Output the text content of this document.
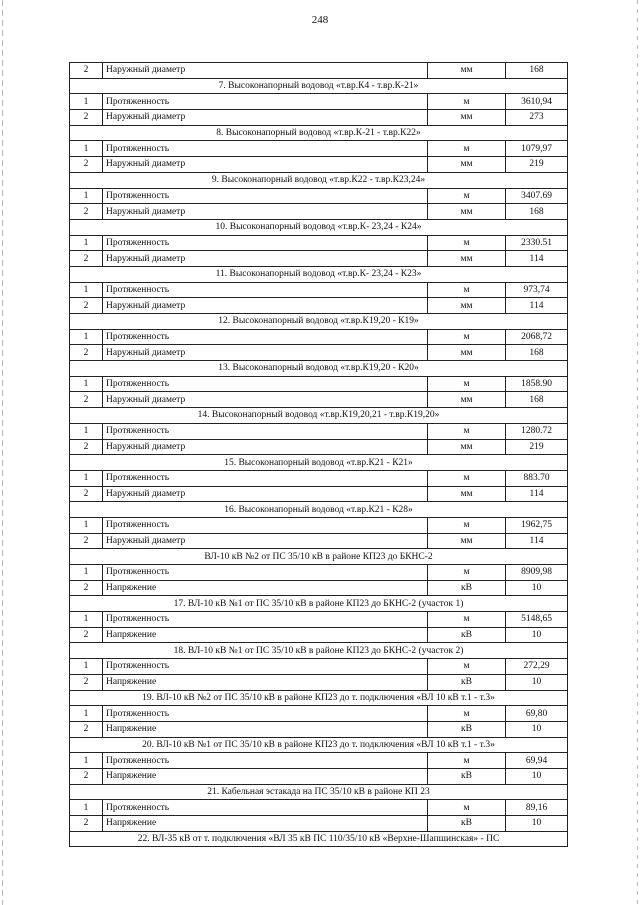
248
2	Наружный диаметр	мм	168
7. Высоконапорный водовод «т.вр.К4 - т.вр.К-21»			
1	Протяженность	м	3610,94
2	Наружный диаметр	мм	273
8. Высоконапорный водовод «т.вр.К-21 - т.вр.К22»			
1	Протяженность	м	1079,97
2	Наружный диаметр	мм	219
9. Высоконапорный водовод «т.вр.К22 - т.вр.К23,24»			
1	Протяженность	м	3407.69
2	Наружный диаметр	мм	168
10. Высоконапорный водовод «т.вр.К- 23,24 - К24»			
1	Протяженность	м	2330.51
2	Наружный диаметр	мм	114
11. Высоконапорный водовод «т.вр.К- 23,24 - К23»			
1	Протяженность	м	973,74
2	Наружный диаметр	мм	114
12. Высоконапорный водовод «т.вр.К19,20 - К19»			
1	Протяженность	м	2068,72
2	Наружный диаметр	мм	168
13. Высоконапорный водовод «т.вр.К19,20 - К20»			
1	Протяженность	м	1858.90
2	Наружный диаметр	мм	168
14. Высоконапорный водовод «т.вр.К19,20,21 - т.вр.К19,20»			
1	Протяженность	м	1280.72
2	Наружный диаметр	мм	219
15. Высоконапорный водовод «т.вр.К21 - К21»			
1	Протяженность	м	883.70
2	Наружный диаметр	мм	114
16. Высоконапорный водовод «т.вр.К21 - К28»			
1	Протяженность	м	1962,75
2	Наружный диаметр	мм	114
ВЛ-10 кВ №2 от ПС 35/10 кВ в районе КП23 до БКНС-2			
1	Протяженность	м	8909,98
2	Напряжение	кВ	10
17. ВЛ-10 кВ №1 от ПС 35/10 кВ в районе КП23 до БКНС-2 (участок 1)			
1	Протяженность	м	5148,65
2	Напряжение	кВ	10
18. ВЛ-10 кВ №1 от ПС 35/10 кВ в районе КП23 до БКНС-2 (участок 2)			
1	Протяженность	м	272,29
2	Напряжение	кВ	10
19. ВЛ-10 кВ №2 от ПС 35/10 кВ в районе КП23 до т. подключения «ВЛ 10 кВ т.1 - т.3»			
1	Протяженность	м	69,80
2	Напряжение	кВ	10
20. ВЛ-10 кВ №1 от ПС 35/10 кВ в районе КП23 до т. подключения «ВЛ 10 кВ т.1 - т.3»			
1	Протяженность	м	69,94
2	Напряжение	кВ	10
21. Кабельная эстакада на ПС 35/10 кВ в районе КП 23			
1	Протяженность	м	89,16
2	Напряжение	кВ	10
22. ВЛ-35 кВ от т. подключения «ВЛ 35 кВ ПС 110/35/10 кВ «Верхне-Шапшинская» - ПС			
